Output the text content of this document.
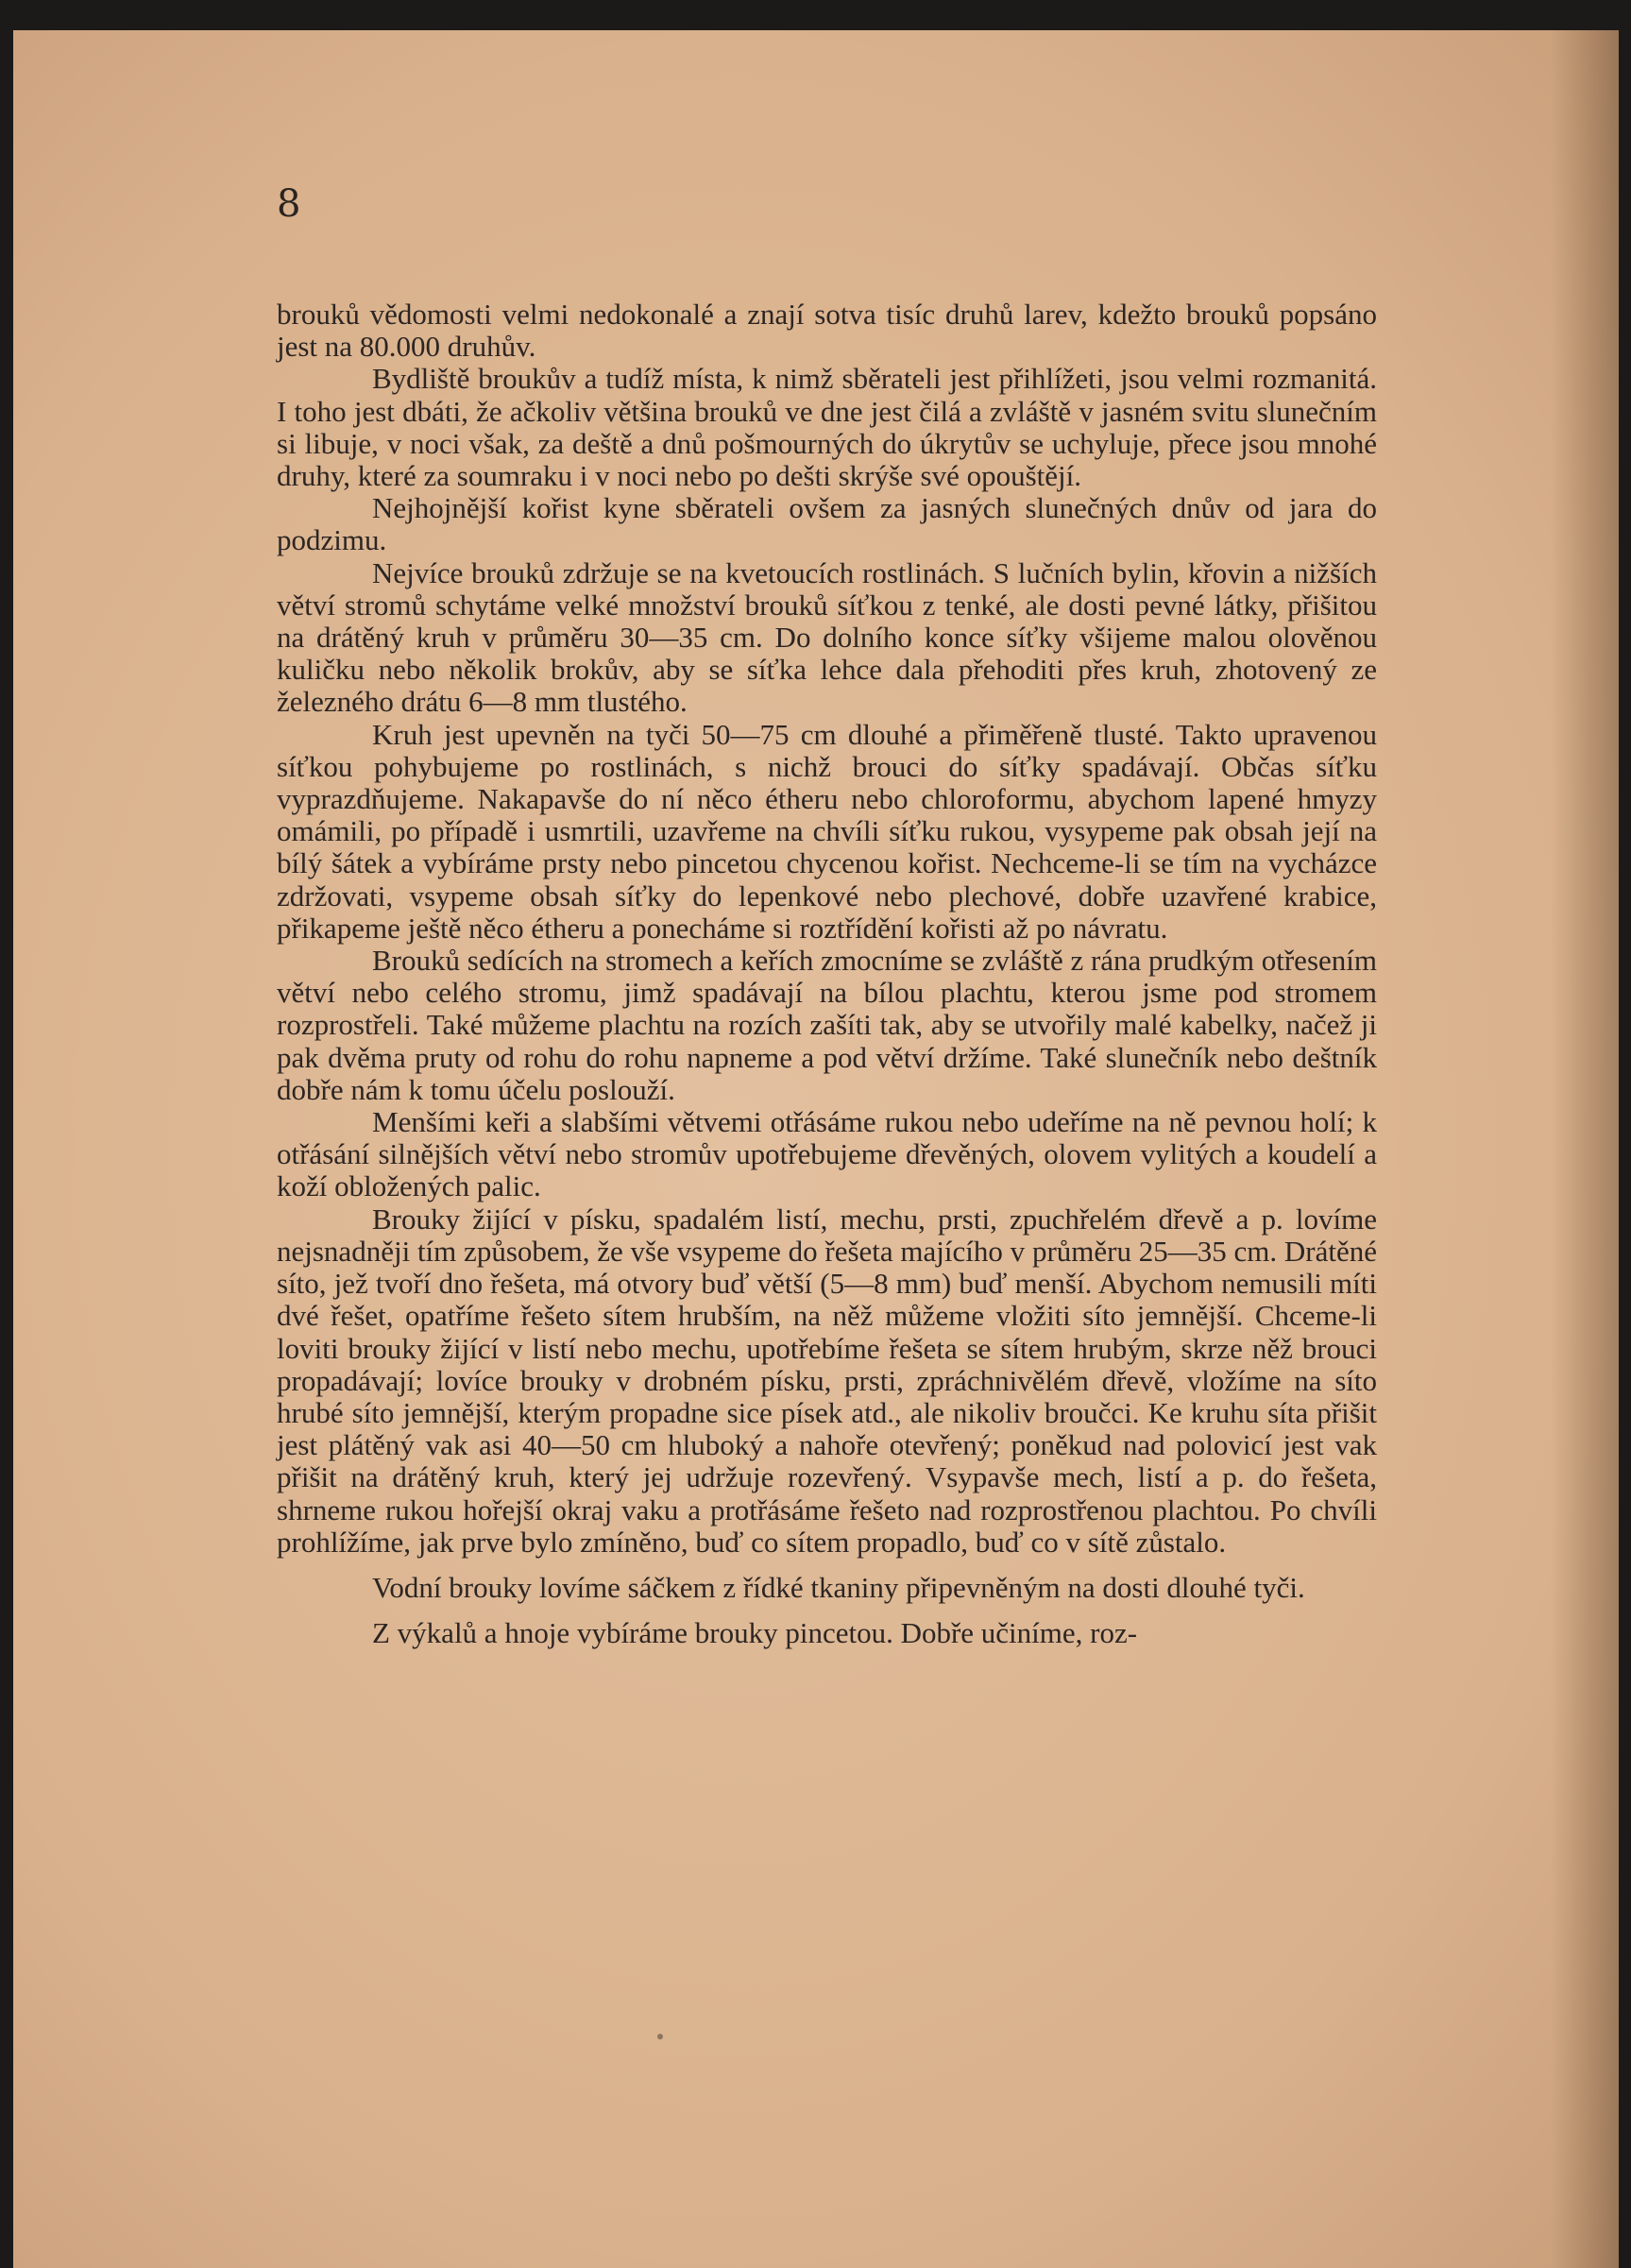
8

brouků vědomosti velmi nedokonalé a znají sotva tisíc druhů larev, kdežto brouků popsáno jest na 80.000 druhův.

Bydliště broukův a tudíž místa, k nimž sběrateli jest přihlížeti, jsou velmi rozmanitá. I toho jest dbáti, že ačkoliv většina brouků ve dne jest čilá a zvláště v jasném svitu slunečním si libuje, v noci však, za deště a dnů pošmourných do úkrytův se uchyluje, přece jsou mnohé druhy, které za soumraku i v noci nebo po dešti skrýše své opouštějí.

Nejhojnější kořist kyne sběrateli ovšem za jasných slunečných dnův od jara do podzimu.

Nejvíce brouků zdržuje se na kvetoucích rostlinách. S lučních bylin, křovin a nižších větví stromů schytáme velké množství brouků síťkou z tenké, ale dosti pevné látky, přišitou na drátěný kruh v průměru 30—35 cm. Do dolního konce síťky všijeme malou olověnou kuličku nebo několik brokův, aby se síťka lehce dala přehoditi přes kruh, zhotovený ze železného drátu 6—8 mm tlustého.

Kruh jest upevněn na tyči 50—75 cm dlouhé a přiměřeně tlusté. Takto upravenou síťkou pohybujeme po rostlinách, s nichž brouci do síťky spadávají. Občas síťku vyprazdňujeme. Nakapavše do ní něco étheru nebo chloroformu, abychom lapené hmyzy omámili, po případě i usmrtili, uzavřeme na chvíli síťku rukou, vysypeme pak obsah její na bílý šátek a vybíráme prsty nebo pincetou chycenou kořist. Nechceme-li se tím na vycházce zdržovati, vsypeme obsah síťky do lepenkové nebo plechové, dobře uzavřené krabice, přikapeme ještě něco étheru a ponecháme si roztřídění kořisti až po návratu.

Brouků sedících na stromech a keřích zmocníme se zvláště z rána prudkým otřesením větví nebo celého stromu, jimž spadávají na bílou plachtu, kterou jsme pod stromem rozprostřeli. Také můžeme plachtu na rozích zašíti tak, aby se utvořily malé kabelky, načež ji pak dvěma pruty od rohu do rohu napneme a pod větví držíme. Také slunečník nebo deštník dobře nám k tomu účelu poslouží.

Menšími keři a slabšími větvemi otřásáme rukou nebo udeříme na ně pevnou holí; k otřásání silnějších větví nebo stromův upotřebujeme dřevěných, olovem vylitých a koudelí a koží obložených palic.

Brouky žijící v písku, spadalém listí, mechu, prsti, zpuchřelém dřevě a p. lovíme nejsnadněji tím způsobem, že vše vsypeme do řešeta majícího v průměru 25—35 cm. Drátěné síto, jež tvoří dno řešeta, má otvory buď větší (5—8 mm) buď menší. Abychom nemusili míti dvé řešet, opatříme řešeto sítem hrubším, na něž můžeme vložiti síto jemnější. Chceme-li loviti brouky žijící v listí nebo mechu, upotřebíme řešeta se sítem hrubým, skrze něž brouci propadávají; lovíce brouky v drobném písku, prsti, zpráchnivělém dřevě, vložíme na síto hrubé síto jemnější, kterým propadne sice písek atd., ale nikoliv broučci. Ke kruhu síta přišit jest plátěný vak asi 40—50 cm hluboký a nahoře otevřený; poněkud nad polovicí jest vak přišit na drátěný kruh, který jej udržuje rozevřený. Vsypavše mech, listí a p. do řešeta, shrneme rukou hořejší okraj vaku a protřásáme řešeto nad rozprostřenou plachtou. Po chvíli prohlížíme, jak prve bylo zmíněno, buď co sítem propadlo, buď co v sítě zůstalo.

Vodní brouky lovíme sáčkem z řídké tkaniny připevněným na dosti dlouhé tyči.

Z výkalů a hnoje vybíráme brouky pincetou. Dobře učiníme, roz-
